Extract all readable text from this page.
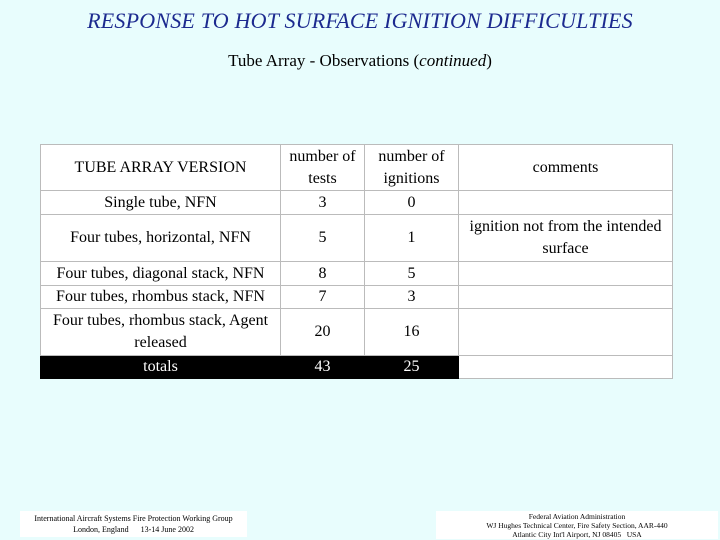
RESPONSE TO HOT SURFACE IGNITION DIFFICULTIES
Tube Array - Observations (continued)
TUBE ARRAY VERSION	number of tests	number of ignitions	comments
Single tube, NFN	3	0	
Four tubes, horizontal, NFN	5	1	ignition not from the intended surface
Four tubes, diagonal stack, NFN	8	5	
Four tubes, rhombus stack, NFN	7	3	
Four tubes, rhombus stack, Agent released	20	16	
totals	43	25	
International Aircraft Systems Fire Protection Working Group
London, England      13-14 June 2002
Federal Aviation Administration
WJ Hughes Technical Center, Fire Safety Section, AAR-440
Atlantic City Int'l Airport, NJ 08405   USA
